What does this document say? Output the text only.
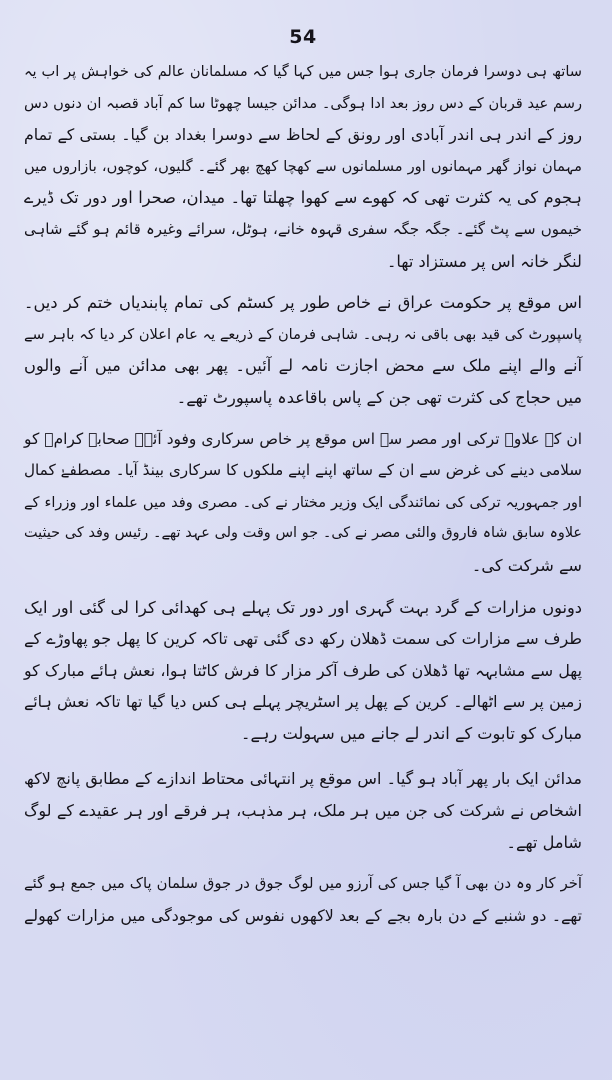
54
ساتھ ہی دوسرا فرمان جاری ہوا جس میں کہا گیا کہ مسلمانان عالم کی خواہش پر اب یہ
رسم عید قربان کے دس روز بعد ادا ہوگی۔ مدائن جیسا چھوٹا سا کم آباد قصبہ ان دنوں دس
روز کے اندر ہی اندر آبادی اور رونق کے لحاظ سے دوسرا بغداد بن گیا۔ بستی کے تمام
مہمان نواز گھر مہمانوں اور مسلمانوں سے کھچا کھچ بھر گئے۔ گلیوں، کوچوں، بازاروں میں
ہجوم کی یہ کثرت تھی کہ کھوے سے کھوا چھلتا تھا۔ میدان، صحرا اور دور تک ڈیرے
خیموں سے پٹ گئے۔ جگہ جگہ سفری قہوہ خانے، ہوٹل، سرائے وغیرہ قائم ہو گئے شاہی
لنگر خانہ اس پر مستزاد تھا۔
اس موقع پر حکومت عراق نے خاص طور پر کسٹم کی تمام پابندیاں ختم کر دیں۔
پاسپورٹ کی قید بھی باقی نہ رہی۔ شاہی فرمان کے ذریعے یہ عام اعلان کر دیا کہ باہر سے
آنے والے اپنے ملک سے محض اجازت نامہ لے آئیں۔ پھر بھی مدائن میں آنے والوں
میں حجاج کی کثرت تھی جن کے پاس باقاعدہ پاسپورٹ تھے۔
ان کے علاوہ ترکی اور مصر سے اس موقع پر خاص سرکاری وفود آئے۔ صحابہ کرامؓ کو
سلامی دینے کی غرض سے ان کے ساتھ اپنے اپنے ملکوں کا سرکاری بینڈ آیا۔ مصطفےٰ کمال
اور جمہوریہ ترکی کی نمائندگی ایک وزیر مختار نے کی۔ مصری وفد میں علماء اور وزراء کے
علاوہ سابق شاہ فاروق والئی مصر نے کی۔ جو اس وقت ولی عہد تھے۔ رئیس وفد کی حیثیت
سے شرکت کی۔
دونوں مزارات کے گرد بہت گہری اور دور تک پہلے ہی کھدائی کرا لی گئی اور ایک
طرف سے مزارات کی سمت ڈھلان رکھ دی گئی تھی تاکہ کرین کا پھل جو پھاوڑے کے
پھل سے مشابہہ تھا ڈھلان کی طرف آکر مزار کا فرش کاٹتا ہوا، نعش ہائے مبارک کو
زمین پر سے اٹھالے۔ کرین کے پھل پر اسٹریچر پہلے ہی کس دیا گیا تھا تاکہ نعش ہائے
مبارک کو تابوت کے اندر لے جانے میں سہولت رہے۔
مدائن ایک بار پھر آباد ہو گیا۔ اس موقع پر انتہائی محتاط اندازے کے مطابق پانچ لاکھ
اشخاص نے شرکت کی جن میں ہر ملک، ہر مذہب، ہر فرقے اور ہر عقیدے کے لوگ
شامل تھے۔
آخر کار وہ دن بھی آ گیا جس کی آرزو میں لوگ جوق در جوق سلمان پاک میں جمع ہو گئے
تھے۔ دو شنبے کے دن بارہ بجے کے بعد لاکھوں نفوس کی موجودگی میں مزارات کھولے
